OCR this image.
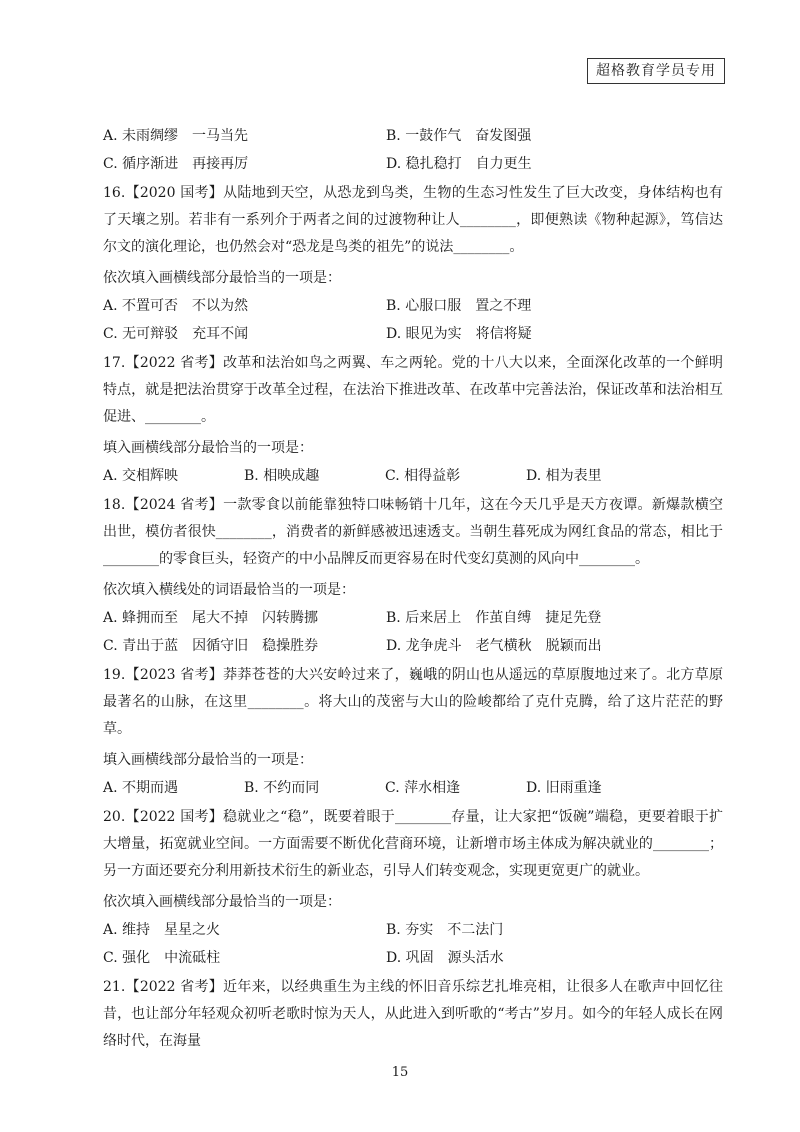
超格教育学员专用
A. 未雨绸缪　一马当先	B. 一鼓作气　奋发图强
C. 循序渐进　再接再厉	D. 稳扎稳打　自力更生
16.【2020 国考】从陆地到天空，从恐龙到鸟类，生物的生态习性发生了巨大改变，身体结构也有了天壤之别。若非有一系列介于两者之间的过渡物种让人________，即便熟读《物种起源》，笃信达尔文的演化理论，也仍然会对“恐龙是鸟类的祖先”的说法________。
依次填入画横线部分最恰当的一项是：
A. 不置可否　不以为然	B. 心服口服　置之不理
C. 无可辩驳　充耳不闻	D. 眼见为实　将信将疑
17.【2022 省考】改革和法治如鸟之两翼、车之两轮。党的十八大以来，全面深化改革的一个鲜明特点，就是把法治贯穿于改革全过程，在法治下推进改革、在改革中完善法治，保证改革和法治相互促进、________。
填入画横线部分最恰当的一项是：
A. 交相辉映	B. 相映成趣	C. 相得益彰	D. 相为表里
18.【2024 省考】一款零食以前能靠独特口味畅销十几年，这在今天几乎是天方夜谭。新爆款横空出世，模仿者很快________，消费者的新鲜感被迅速透支。当朝生暮死成为网红食品的常态，相比于________的零食巨头，轻资产的中小品牌反而更容易在时代变幻莫测的风向中________。
依次填入横线处的词语最恰当的一项是：
A. 蜂拥而至　尾大不掉　闪转腾挪	B. 后来居上　作茧自缚　捷足先登
C. 青出于蓝　因循守旧　稳操胜券	D. 龙争虎斗　老气横秋　脱颖而出
19.【2023 省考】莽莽苍苍的大兴安岭过来了，巍峨的阴山也从遥远的草原腹地过来了。北方草原最著名的山脉，在这里________。将大山的茂密与大山的险峻都给了克什克腾，给了这片茫茫的野草。
填入画横线部分最恰当的一项是：
A. 不期而遇	B. 不约而同	C. 萍水相逢	D. 旧雨重逢
20.【2022 国考】稳就业之“稳”，既要着眼于________存量，让大家把“饭碗”端稳，更要着眼于扩大增量，拓宽就业空间。一方面需要不断优化营商环境，让新增市场主体成为解决就业的________；另一方面还要充分利用新技术衍生的新业态，引导人们转变观念，实现更宽更广的就业。
依次填入画横线部分最恰当的一项是：
A. 维持　星星之火	B. 夯实　不二法门
C. 强化　中流砥柱	D. 巩固　源头活水
21.【2022 省考】近年来，以经典重生为主线的怀旧音乐综艺扎堆亮相，让很多人在歌声中回忆往昔，也让部分年轻观众初听老歌时惊为天人，从此进入到听歌的“考古”岁月。如今的年轻人成长在网络时代，在海量
15
